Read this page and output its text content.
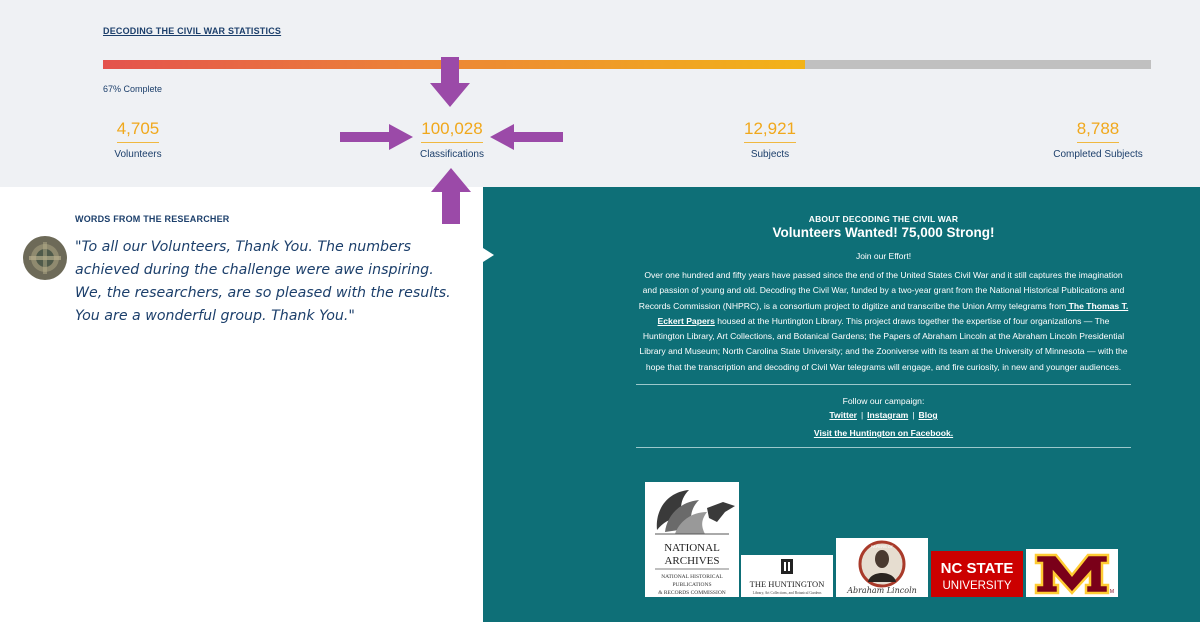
DECODING THE CIVIL WAR STATISTICS
67% Complete
4,705
Volunteers
100,028
Classifications
12,921
Subjects
8,788
Completed Subjects
WORDS FROM THE RESEARCHER
"To all our Volunteers, Thank You. The numbers achieved during the challenge were awe inspiring. We, the researchers, are so pleased with the results. You are a wonderful group. Thank You."
ABOUT DECODING THE CIVIL WAR
Volunteers Wanted! 75,000 Strong!
Join our Effort!
Over one hundred and fifty years have passed since the end of the United States Civil War and it still captures the imagination and passion of young and old. Decoding the Civil War, funded by a two-year grant from the National Historical Publications and Records Commission (NHPRC), is a consortium project to digitize and transcribe the Union Army telegrams from The Thomas T. Eckert Papers housed at the Huntington Library. This project draws together the expertise of four organizations — The Huntington Library, Art Collections, and Botanical Gardens; the Papers of Abraham Lincoln at the Abraham Lincoln Presidential Library and Museum; North Carolina State University; and the Zooniverse with its team at the University of Minnesota — with the hope that the transcription and decoding of Civil War telegrams will engage, and fire curiosity, in new and younger audiences.
Follow our campaign:
Twitter | Instagram | Blog
Visit the Huntington on Facebook.
NATIONAL
ARCHIVES
NATIONAL HISTORICAL
PUBLICATIONS
& RECORDS COMMISSION
THE HUNTINGTON
Library, Art Collections, and Botanical Gardens
PAPERS OF
Abraham Lincoln
NC STATE
UNIVERSITY	M
